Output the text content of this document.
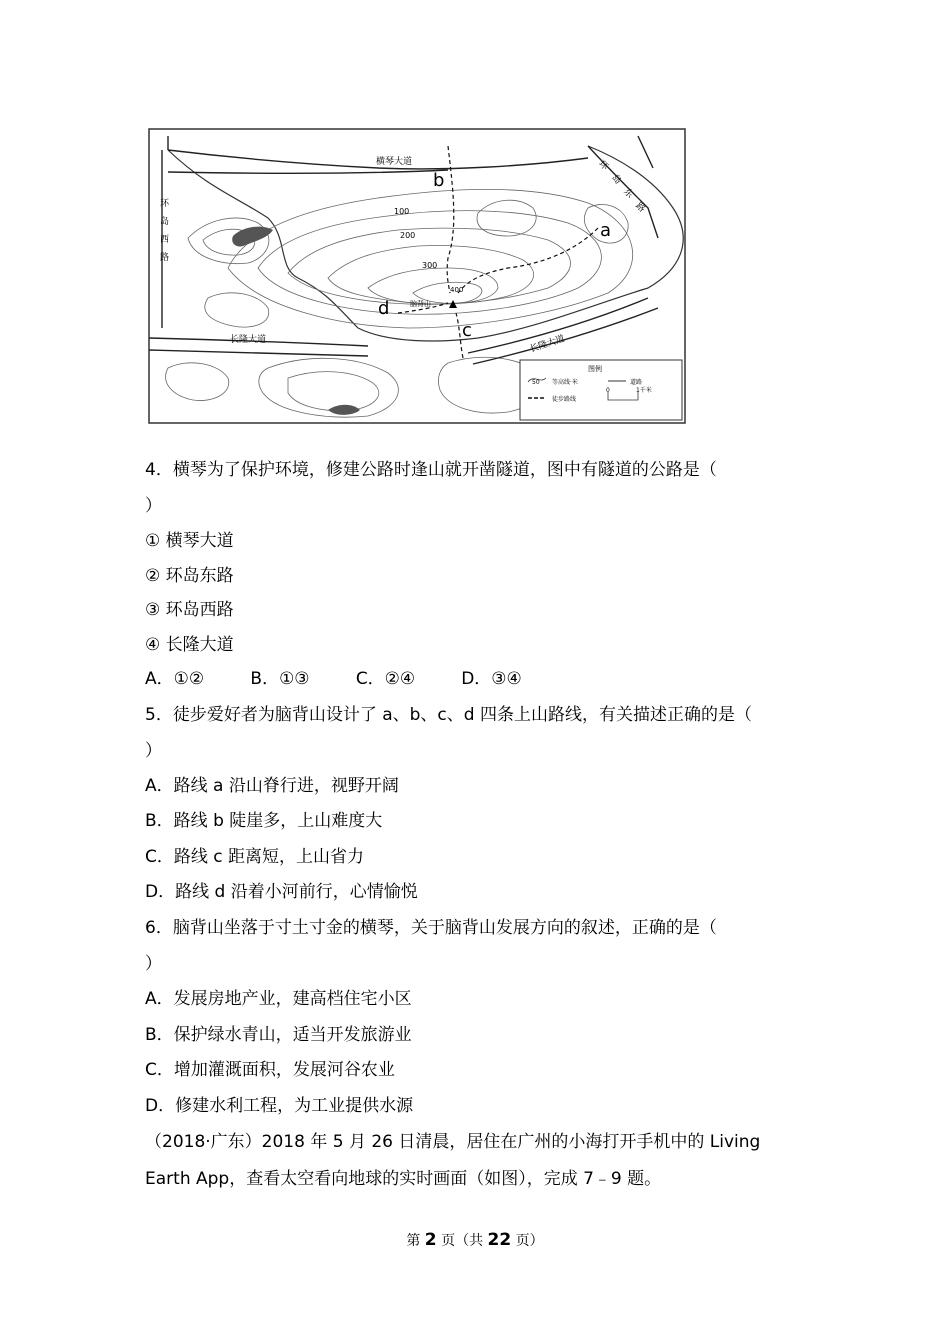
横琴大道
环
岛
西
路
环
岛
东
路
长隆大道	长隆大道
脑背山
100
200
300
400
a
b
c
d
图例
50 等高线·米	道路
徒步路线
0	1千米
4．横琴为了保护环境，修建公路时逢山就开凿隧道，图中有隧道的公路是（
）
① 横琴大道
② 环岛东路
③ 环岛西路
④ 长隆大道
A．①②	B．①③	C．②④	D．③④
5．徒步爱好者为脑背山设计了 a、b、c、d 四条上山路线，有关描述正确的是（
）
A．路线 a 沿山脊行进，视野开阔
B．路线 b 陡崖多，上山难度大
C．路线 c 距离短，上山省力
D．路线 d 沿着小河前行，心情愉悦
6．脑背山坐落于寸土寸金的横琴，关于脑背山发展方向的叙述，正确的是（
）
A．发展房地产业，建高档住宅小区
B．保护绿水青山，适当开发旅游业
C．增加灌溉面积，发展河谷农业
D．修建水利工程，为工业提供水源
（2018·广东）2018 年 5 月 26 日清晨，居住在广州的小海打开手机中的 Living
Earth App，查看太空看向地球的实时画面（如图），完成 7﹣9 题。
第 2 页（共 22 页）
